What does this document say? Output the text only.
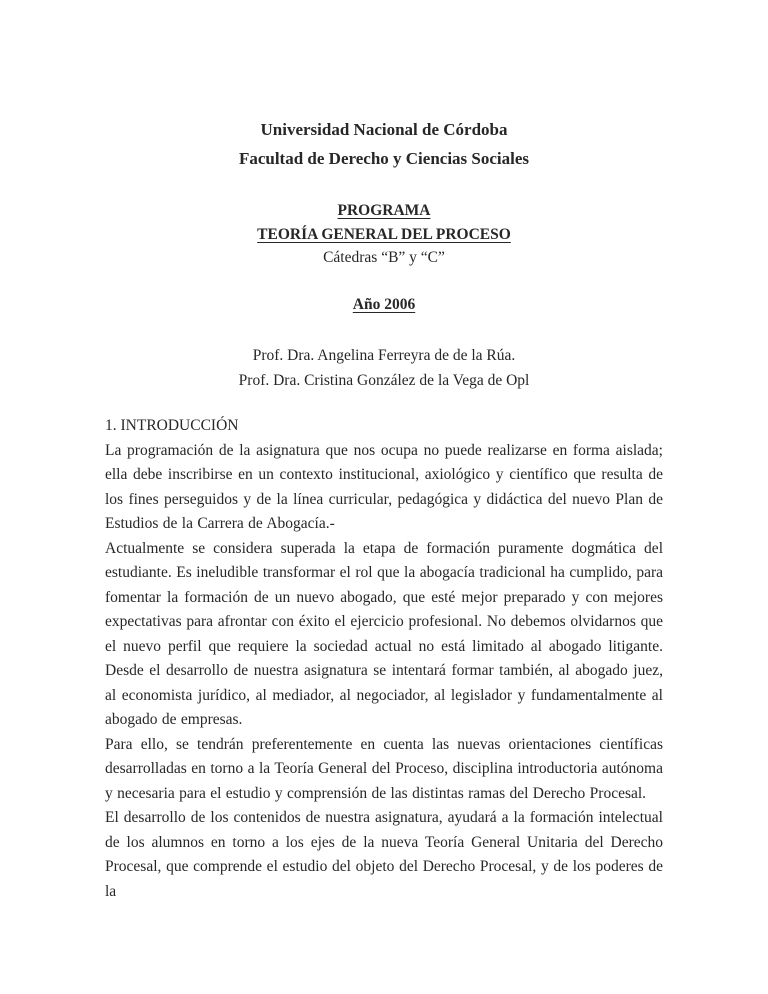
Universidad Nacional de Córdoba
Facultad de Derecho y Ciencias Sociales
PROGRAMA
TEORÍA GENERAL DEL PROCESO
Cátedras “B” y “C”
Año 2006
Prof. Dra. Angelina Ferreyra de de la Rúa.
Prof. Dra. Cristina González de la Vega de Opl
1. INTRODUCCIÓN

La programación de la asignatura que nos ocupa no puede realizarse en forma aislada; ella debe inscribirse en un contexto institucional, axiológico y científico que resulta de los fines perseguidos y de la línea curricular, pedagógica y didáctica del nuevo Plan de Estudios de la Carrera de Abogacía.-

Actualmente se considera superada la etapa de formación puramente dogmática del estudiante. Es ineludible transformar el rol que la abogacía tradicional ha cumplido, para fomentar la formación de un nuevo abogado, que esté mejor preparado y con mejores expectativas para afrontar con éxito el ejercicio profesional. No debemos olvidarnos que el nuevo perfil que requiere la sociedad actual no está limitado al abogado litigante. Desde el desarrollo de nuestra asignatura se intentará formar también, al abogado juez, al economista jurídico, al mediador, al negociador, al legislador y fundamentalmente al abogado de empresas.

Para ello, se tendrán preferentemente en cuenta las nuevas orientaciones científicas desarrolladas en torno a la Teoría General del Proceso, disciplina introductoria autónoma y necesaria para el estudio y comprensión de las distintas ramas del Derecho Procesal.

El desarrollo de los contenidos de nuestra asignatura, ayudará a la formación intelectual de los alumnos en torno a los ejes de la nueva Teoría General Unitaria del Derecho Procesal, que comprende el estudio del objeto del Derecho Procesal, y de los poderes de la
